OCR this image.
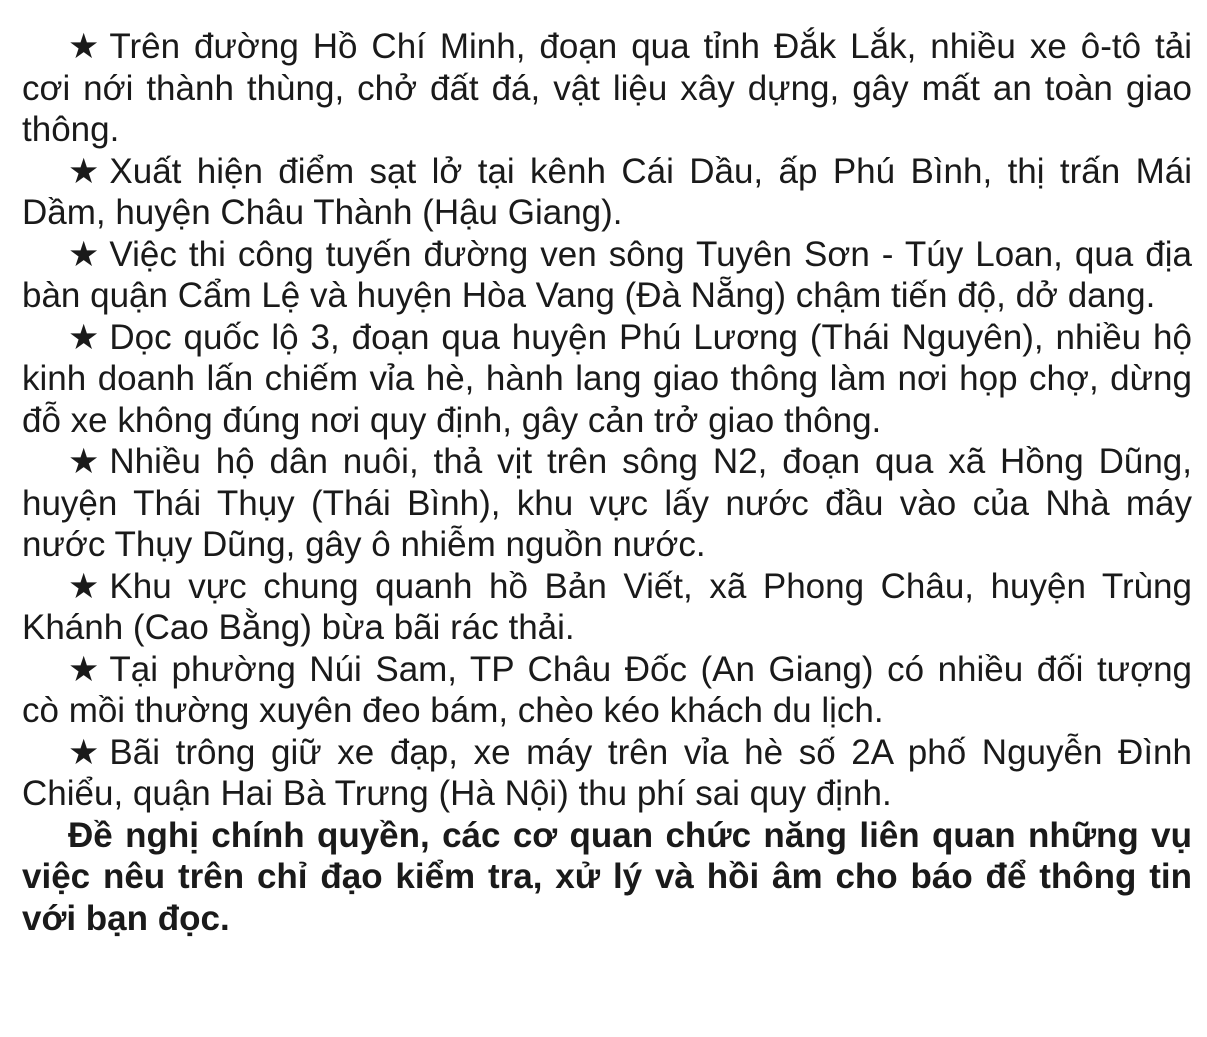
★ Trên đường Hồ Chí Minh, đoạn qua tỉnh Đắk Lắk, nhiều xe ô-tô tải cơi nới thành thùng, chở đất đá, vật liệu xây dựng, gây mất an toàn giao thông.

★ Xuất hiện điểm sạt lở tại kênh Cái Dầu, ấp Phú Bình, thị trấn Mái Dầm, huyện Châu Thành (Hậu Giang).

★ Việc thi công tuyến đường ven sông Tuyên Sơn - Túy Loan, qua địa bàn quận Cẩm Lệ và huyện Hòa Vang (Đà Nẵng) chậm tiến độ, dở dang.

★ Dọc quốc lộ 3, đoạn qua huyện Phú Lương (Thái Nguyên), nhiều hộ kinh doanh lấn chiếm vỉa hè, hành lang giao thông làm nơi họp chợ, dừng đỗ xe không đúng nơi quy định, gây cản trở giao thông.

★ Nhiều hộ dân nuôi, thả vịt trên sông N2, đoạn qua xã Hồng Dũng, huyện Thái Thụy (Thái Bình), khu vực lấy nước đầu vào của Nhà máy nước Thụy Dũng, gây ô nhiễm nguồn nước.

★ Khu vực chung quanh hồ Bản Viết, xã Phong Châu, huyện Trùng Khánh (Cao Bằng) bừa bãi rác thải.

★ Tại phường Núi Sam, TP Châu Đốc (An Giang) có nhiều đối tượng cò mồi thường xuyên đeo bám, chèo kéo khách du lịch.

★ Bãi trông giữ xe đạp, xe máy trên vỉa hè số 2A phố Nguyễn Đình Chiểu, quận Hai Bà Trưng (Hà Nội) thu phí sai quy định.

Đề nghị chính quyền, các cơ quan chức năng liên quan những vụ việc nêu trên chỉ đạo kiểm tra, xử lý và hồi âm cho báo để thông tin với bạn đọc.
